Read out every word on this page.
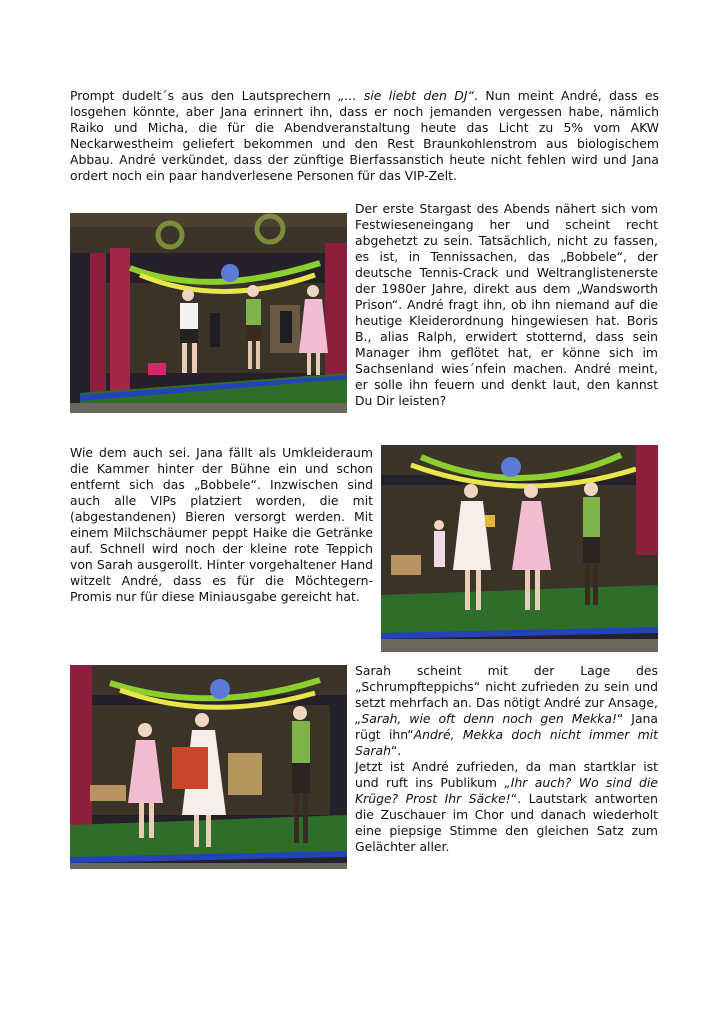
Prompt dudelt´s aus den Lautsprechern „... sie liebt den DJ“. Nun meint André, dass es losgehen könnte, aber Jana erinnert ihn, dass er noch jemanden vergessen habe, nämlich Raiko und Micha, die für die Abendveranstaltung heute das Licht zu 5% vom AKW Neckarwestheim geliefert bekommen und den Rest Braunkohlenstrom aus biologischem Abbau. André verkündet, dass der zünftige Bierfassanstich heute nicht fehlen wird und Jana ordert noch ein paar handverlesene Personen für das VIP-Zelt.

Der erste Stargast des Abends nähert sich vom Festwieseneingang her und scheint recht abgehetzt zu sein. Tatsächlich, nicht zu fassen, es ist, in Tennissachen, das „Bobbele“, der deutsche Tennis-Crack und Weltranglistenerste der 1980er Jahre, direkt aus dem „Wandsworth Prison“. André fragt ihn, ob ihn niemand auf die heutige Kleiderordnung hingewiesen hat. Boris B., alias Ralph, erwidert stotternd, dass sein Manager ihm geflötet hat, er könne sich im Sachsenland wies´nfein machen. André meint, er solle ihn feuern und denkt laut, den kannst Du Dir leisten?

Wie dem auch sei. Jana fällt als Umkleideraum die Kammer hinter der Bühne ein und schon entfernt sich das „Bobbele“. Inzwischen sind auch alle VIPs platziert worden, die mit (abgestandenen) Bieren versorgt werden. Mit einem Milchschäumer peppt Haike die Getränke auf. Schnell wird noch der kleine rote Teppich von Sarah ausgerollt. Hinter vorgehaltener Hand witzelt André, dass es für die Möchtegern-Promis nur für diese Miniausgabe gereicht hat.

Sarah scheint mit der Lage des „Schrumpfteppichs“ nicht zufrieden zu sein und setzt mehrfach an. Das nötigt André zur Ansage, „Sarah, wie oft denn noch gen Mekka!“ Jana rügt ihn“André, Mekka doch nicht immer mit Sarah“.

Jetzt ist André zufrieden, da man startklar ist und ruft ins Publikum „Ihr auch? Wo sind die Krüge? Prost Ihr Säcke!“. Lautstark antworten die Zuschauer im Chor und danach wiederholt eine piepsige Stimme den gleichen Satz zum Gelächter aller.
